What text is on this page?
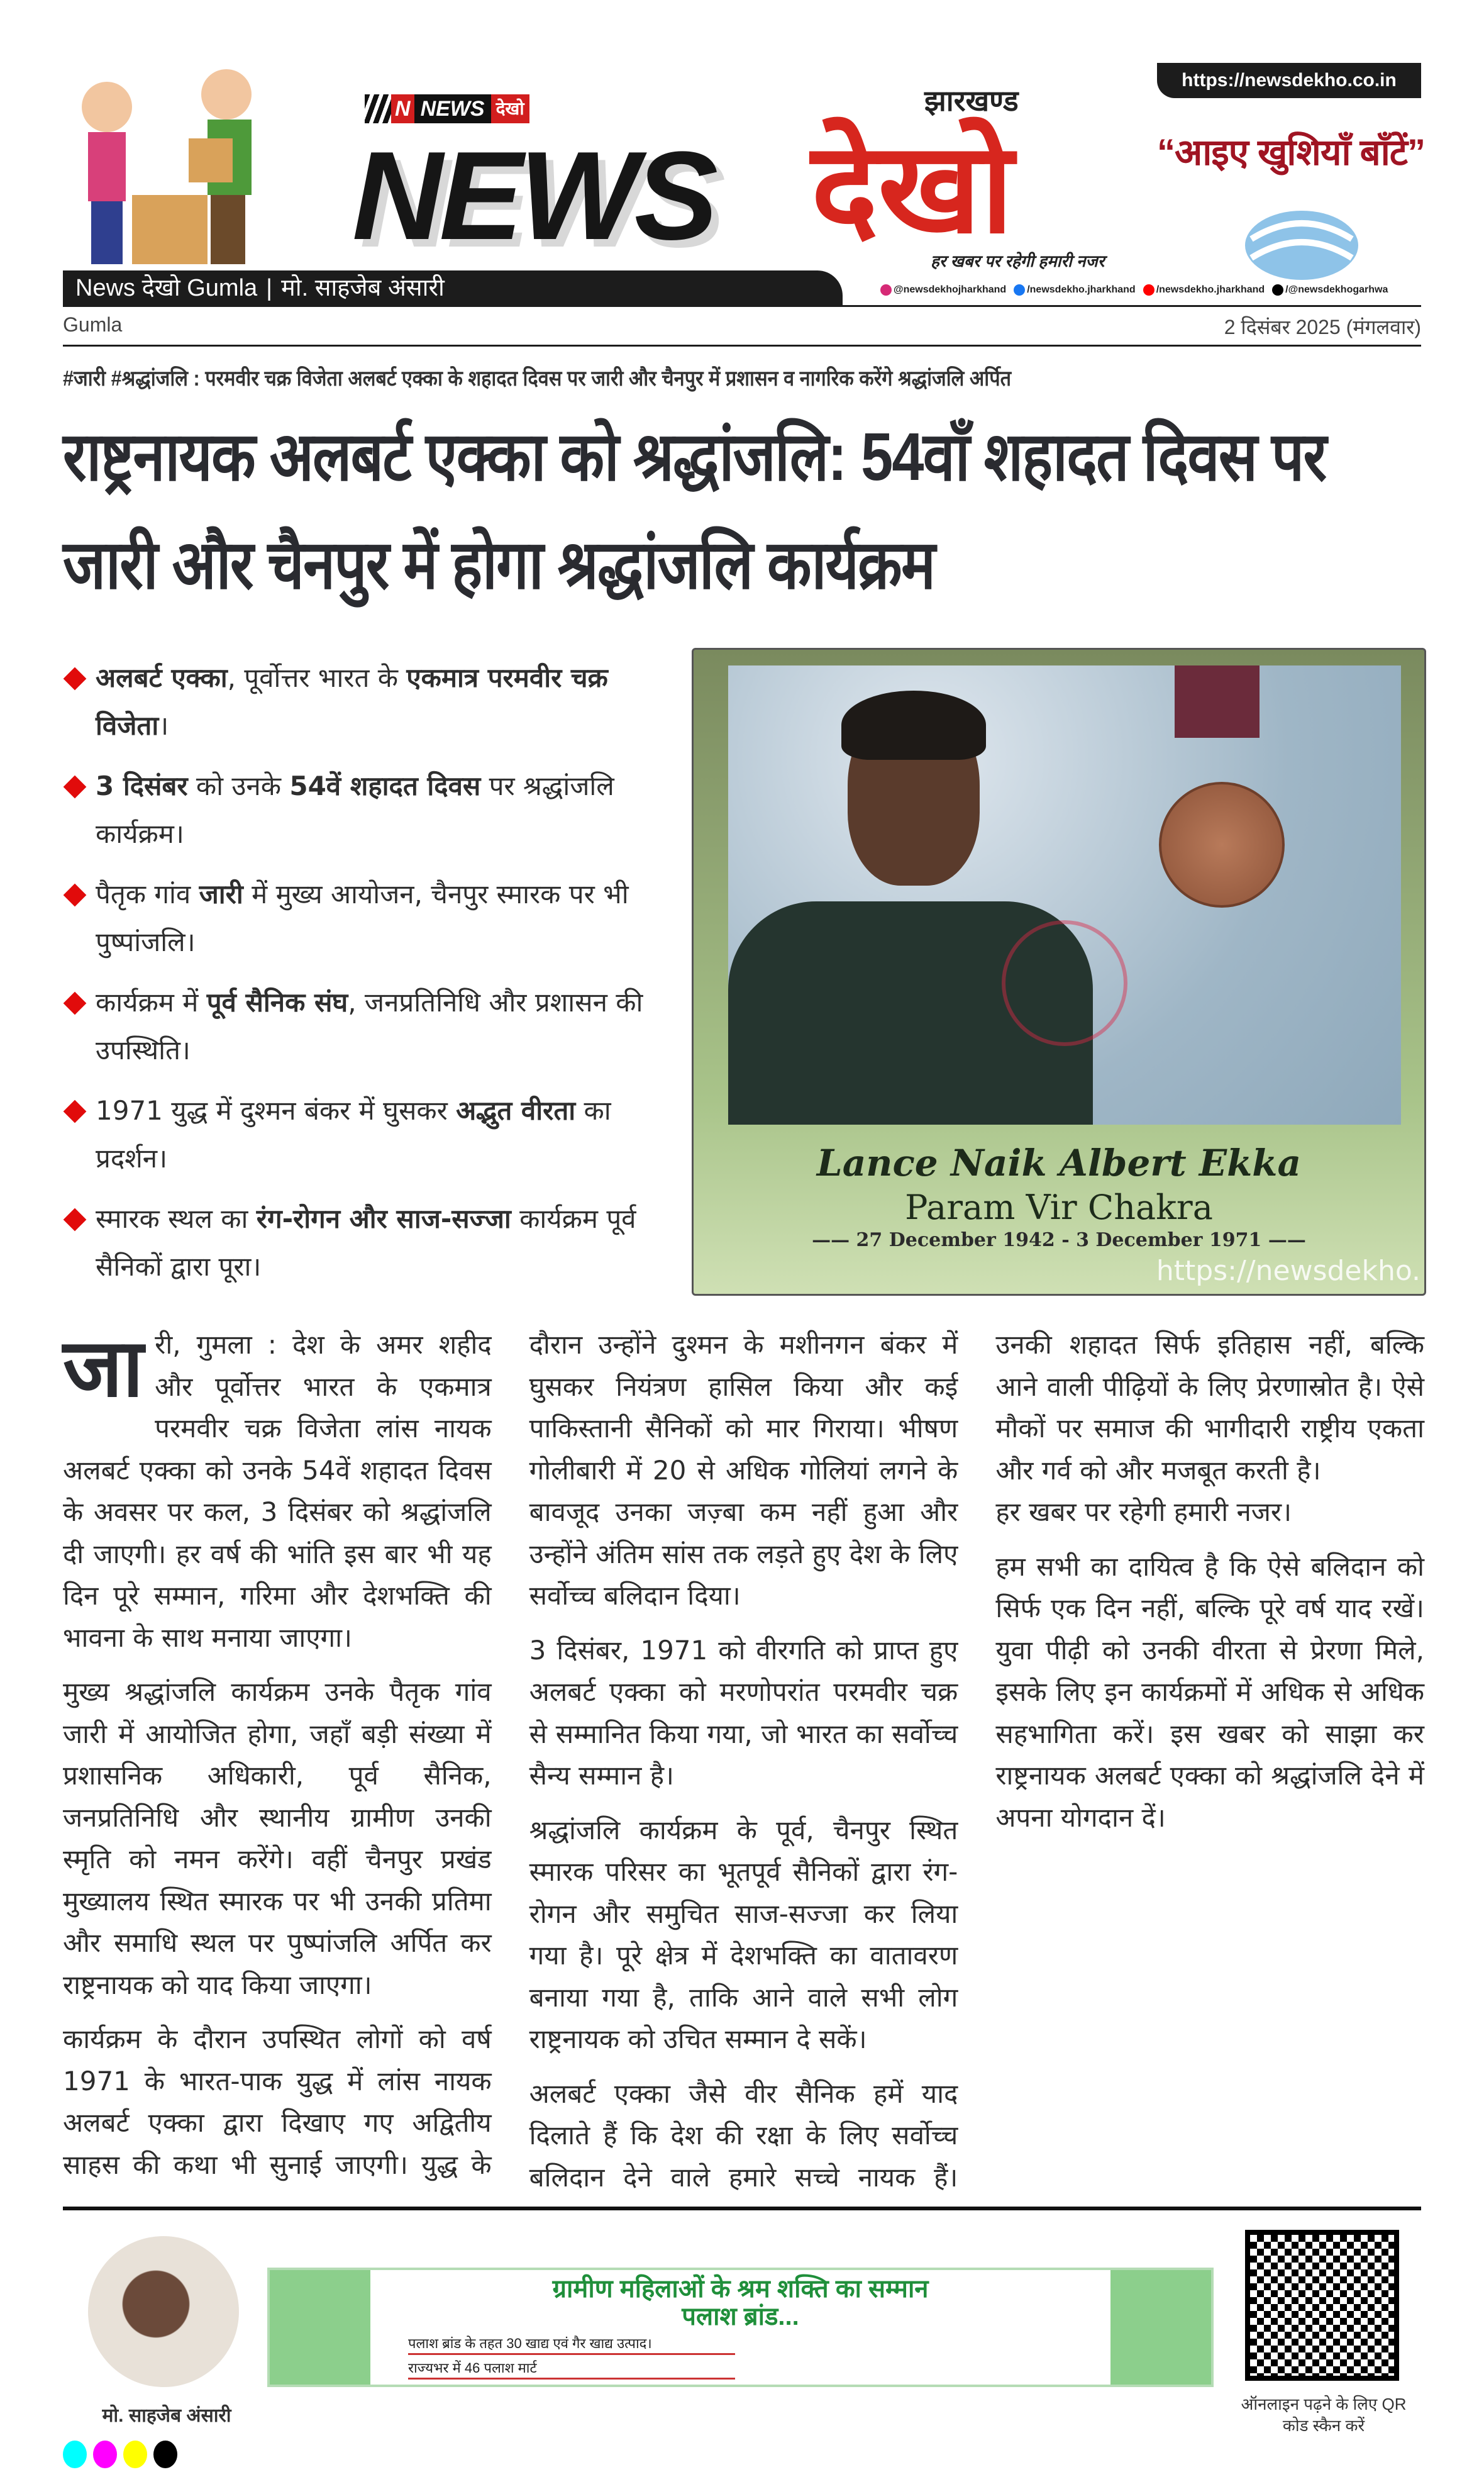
https://newsdekho.co.in
N NEWS देखो
NEWS देखो
झारखण्ड
हर खबर पर रहेगी हमारी नजर
“आइए खुशियाँ बाँटें”
News देखो Gumla | मो. साहजेब अंसारी	@newsdekhojharkhand	/newsdekho.jharkhand	/newsdekho.jharkhand	/@newsdekhogarhwa
Gumla	2 दिसंबर 2025 (मंगलवार)
#जारी #श्रद्धांजलि : परमवीर चक्र विजेता अलबर्ट एक्का के शहादत दिवस पर जारी और चैनपुर में प्रशासन व नागरिक करेंगे श्रद्धांजलि अर्पित
राष्ट्रनायक अलबर्ट एक्का को श्रद्धांजलि: 54वाँ शहादत दिवस पर जारी और चैनपुर में होगा श्रद्धांजलि कार्यक्रम
अलबर्ट एक्का, पूर्वोत्तर भारत के एकमात्र परमवीर चक्र विजेता।
3 दिसंबर को उनके 54वें शहादत दिवस पर श्रद्धांजलि कार्यक्रम।
पैतृक गांव जारी में मुख्य आयोजन, चैनपुर स्मारक पर भी पुष्पांजलि।
कार्यक्रम में पूर्व सैनिक संघ, जनप्रतिनिधि और प्रशासन की उपस्थिति।
1971 युद्ध में दुश्मन बंकर में घुसकर अद्भुत वीरता का प्रदर्शन।
स्मारक स्थल का रंग-रोगन और साज-सज्जा कार्यक्रम पूर्व सैनिकों द्वारा पूरा।
Lance Naik Albert Ekka
Param Vir Chakra
—— 27 December 1942 - 3 December 1971 ——
https://newsdekho.

जारी, गुमला : देश के अमर शहीद और पूर्वोत्तर भारत के एकमात्र परमवीर चक्र विजेता लांस नायक अलबर्ट एक्का को उनके 54वें शहादत दिवस के अवसर पर कल, 3 दिसंबर को श्रद्धांजलि दी जाएगी। हर वर्ष की भांति इस बार भी यह दिन पूरे सम्मान, गरिमा और देशभक्ति की भावना के साथ मनाया जाएगा।

मुख्य श्रद्धांजलि कार्यक्रम उनके पैतृक गांव जारी में आयोजित होगा, जहाँ बड़ी संख्या में प्रशासनिक अधिकारी, पूर्व सैनिक, जनप्रतिनिधि और स्थानीय ग्रामीण उनकी स्मृति को नमन करेंगे। वहीं चैनपुर प्रखंड मुख्यालय स्थित स्मारक पर भी उनकी प्रतिमा और समाधि स्थल पर पुष्पांजलि अर्पित कर राष्ट्रनायक को याद किया जाएगा।

कार्यक्रम के दौरान उपस्थित लोगों को वर्ष 1971 के भारत-पाक युद्ध में लांस नायक अलबर्ट एक्का द्वारा दिखाए गए अद्वितीय साहस की कथा भी सुनाई जाएगी। युद्ध के दौरान उन्होंने दुश्मन के मशीनगन बंकर में घुसकर नियंत्रण हासिल किया और कई पाकिस्तानी सैनिकों को मार गिराया। भीषण गोलीबारी में 20 से अधिक गोलियां लगने के बावजूद उनका जज़्बा कम नहीं हुआ और उन्होंने अंतिम सांस तक लड़ते हुए देश के लिए सर्वोच्च बलिदान दिया।

3 दिसंबर, 1971 को वीरगति को प्राप्त हुए अलबर्ट एक्का को मरणोपरांत परमवीर चक्र से सम्मानित किया गया, जो भारत का सर्वोच्च सैन्य सम्मान है।

श्रद्धांजलि कार्यक्रम के पूर्व, चैनपुर स्थित स्मारक परिसर का भूतपूर्व सैनिकों द्वारा रंग-रोगन और समुचित साज-सज्जा कर लिया गया है। पूरे क्षेत्र में देशभक्ति का वातावरण बनाया गया है, ताकि आने वाले सभी लोग राष्ट्रनायक को उचित सम्मान दे सकें।

अलबर्ट एक्का जैसे वीर सैनिक हमें याद दिलाते हैं कि देश की रक्षा के लिए सर्वोच्च बलिदान देने वाले हमारे सच्चे नायक हैं। उनकी शहादत सिर्फ इतिहास नहीं, बल्कि आने वाली पीढ़ियों के लिए प्रेरणास्रोत है। ऐसे मौकों पर समाज की भागीदारी राष्ट्रीय एकता और गर्व को और मजबूत करती है।

हर खबर पर रहेगी हमारी नजर।

हम सभी का दायित्व है कि ऐसे बलिदान को सिर्फ एक दिन नहीं, बल्कि पूरे वर्ष याद रखें। युवा पीढ़ी को उनकी वीरता से प्रेरणा मिले, इसके लिए इन कार्यक्रमों में अधिक से अधिक सहभागिता करें। इस खबर को साझा कर राष्ट्रनायक अलबर्ट एक्का को श्रद्धांजलि देने में अपना योगदान दें।

मो. साहजेब अंसारी
ग्रामीण महिलाओं के श्रम शक्ति का सम्मान
पलाश ब्रांड...
पलाश ब्रांड के तहत 30 खाद्य एवं गैर खाद्य उत्पाद।
राज्यभर में 46 पलाश मार्ट
ऑनलाइन पढ़ने के लिए QR कोड स्कैन करें
